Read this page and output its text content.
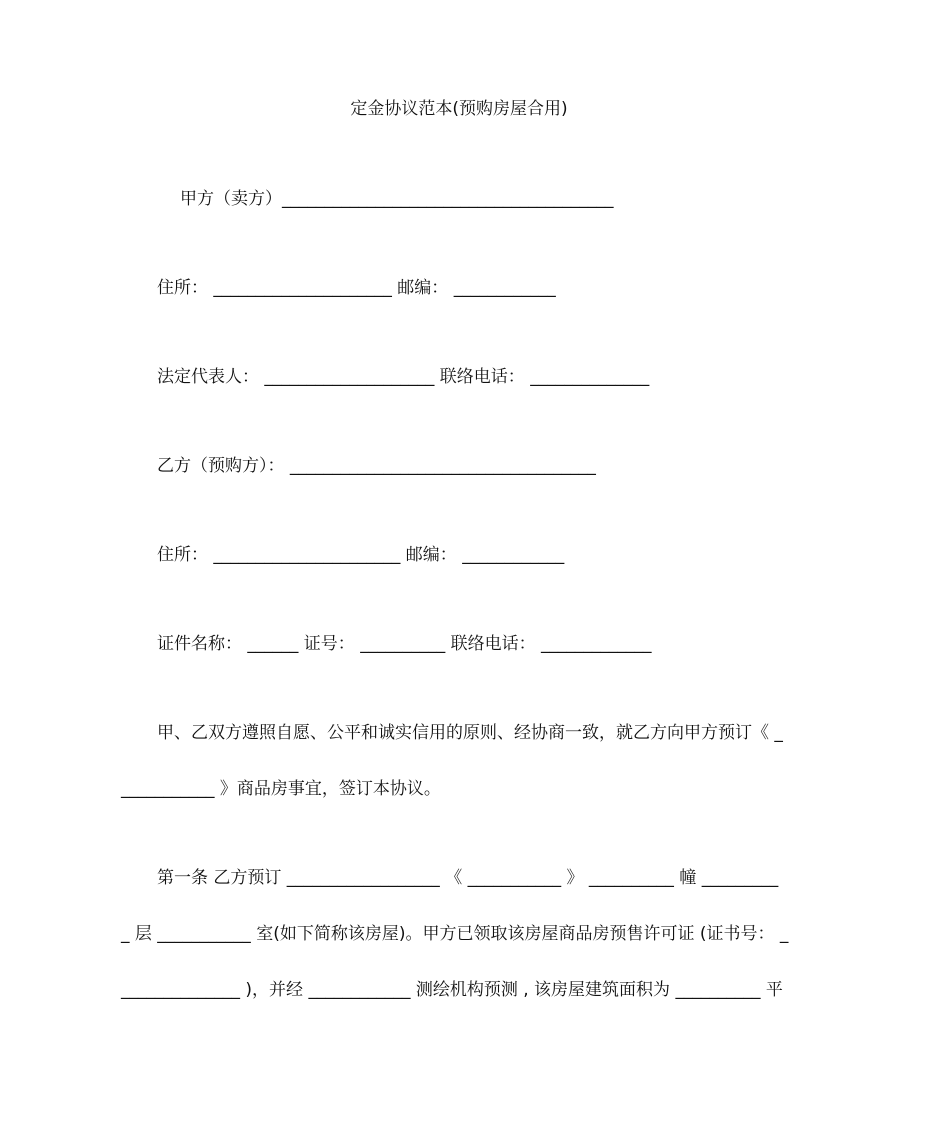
定金协议范本(预购房屋合用)
甲方（卖方）_______________________________________
住所： _____________________ 邮编： ____________
法定代表人： ____________________ 联络电话： ______________
乙方（预购方）： ____________________________________
住所： ______________________ 邮编： ____________
证件名称： ______ 证号： __________ 联络电话： _____________
甲、乙双方遵照自愿、公平和诚实信用的原则、经协商一致，就乙方向甲方预订《 _
___________ 》商品房事宜，签订本协议。
第一条 乙方预订 __________________ 《 ___________ 》 __________ 幢 _________
_ 层 ___________ 室(如下简称该房屋)。甲方已领取该房屋商品房预售许可证 (证书号： _
______________ )，并经 ____________ 测绘机构预测 , 该房屋建筑面积为 __________ 平
